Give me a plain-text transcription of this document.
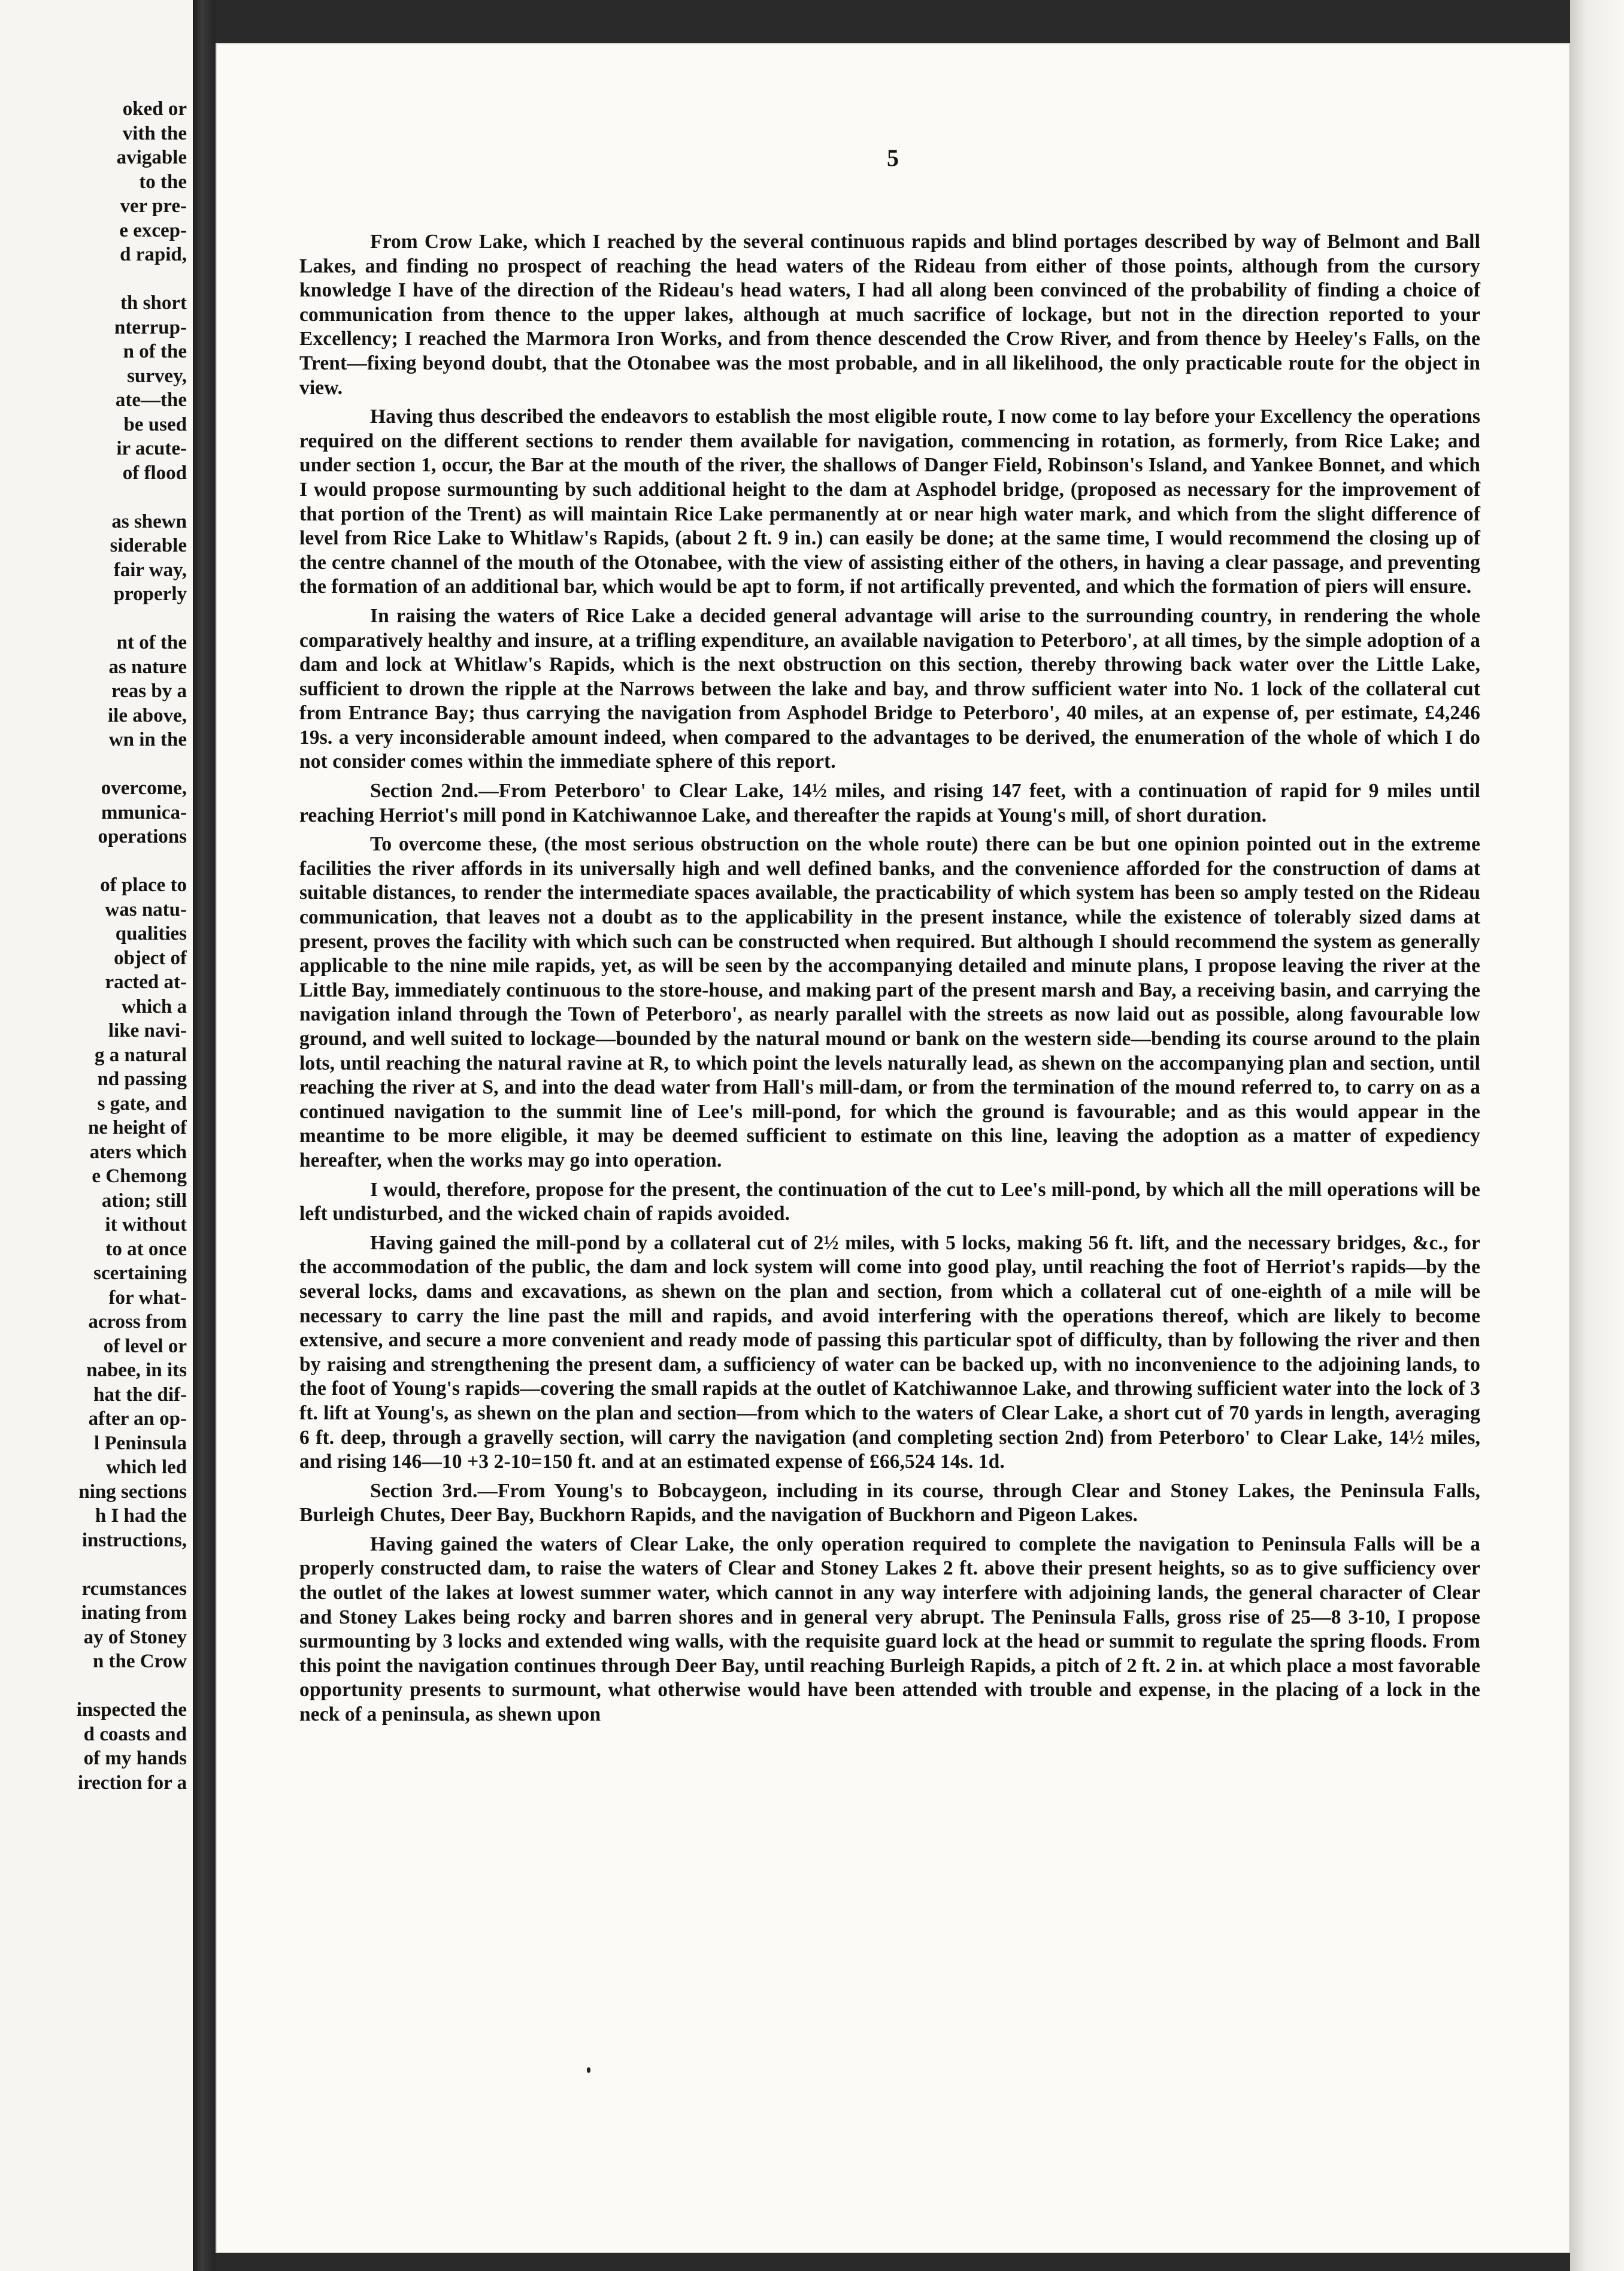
oked or
vith the
avigable
to the
ver pre-
e excep-
d rapid,
th short
nterrup-
n of the
survey,
ate—the
be used
ir acute-
of flood
as shewn
siderable
fair way,
properly
nt of the
as nature
reas by a
ile above,
wn in the
overcome,
mmunica-
operations
of place to
was natu-
qualities
object of
racted at-
which a
like navi-
g a natural
nd passing
s gate, and
ne height of
aters which
e Chemong
ation; still
it without
to at once
scertaining
for what-
across from
of level or
nabee, in its
hat the dif-
after an op-
l Peninsula
which led
ning sections
h I had the
instructions,
rcumstances
inating from
ay of Stoney
n the Crow
inspected the
d coasts and
of my hands
irection for a
5

From Crow Lake, which I reached by the several continuous rapids and blind portages described by way of Belmont and Ball Lakes, and finding no prospect of reaching the head waters of the Rideau from either of those points, although from the cursory knowledge I have of the direction of the Rideau's head waters, I had all along been convinced of the probability of finding a choice of communication from thence to the upper lakes, although at much sacrifice of lockage, but not in the direction reported to your Excellency; I reached the Marmora Iron Works, and from thence descended the Crow River, and from thence by Heeley's Falls, on the Trent—fixing beyond doubt, that the Otonabee was the most probable, and in all likelihood, the only practicable route for the object in view.

Having thus described the endeavors to establish the most eligible route, I now come to lay before your Excellency the operations required on the different sections to render them available for navigation, commencing in rotation, as formerly, from Rice Lake; and under section 1, occur, the Bar at the mouth of the river, the shallows of Danger Field, Robinson's Island, and Yankee Bonnet, and which I would propose surmounting by such additional height to the dam at Asphodel bridge, (proposed as necessary for the improvement of that portion of the Trent) as will maintain Rice Lake permanently at or near high water mark, and which from the slight difference of level from Rice Lake to Whitlaw's Rapids, (about 2 ft. 9 in.) can easily be done; at the same time, I would recommend the closing up of the centre channel of the mouth of the Otonabee, with the view of assisting either of the others, in having a clear passage, and preventing the formation of an additional bar, which would be apt to form, if not artifically prevented, and which the formation of piers will ensure.

In raising the waters of Rice Lake a decided general advantage will arise to the surrounding country, in rendering the whole comparatively healthy and insure, at a trifling expenditure, an available navigation to Peterboro', at all times, by the simple adoption of a dam and lock at Whitlaw's Rapids, which is the next obstruction on this section, thereby throwing back water over the Little Lake, sufficient to drown the ripple at the Narrows between the lake and bay, and throw sufficient water into No. 1 lock of the collateral cut from Entrance Bay; thus carrying the navigation from Asphodel Bridge to Peterboro', 40 miles, at an expense of, per estimate, £4,246 19s. a very inconsiderable amount indeed, when compared to the advantages to be derived, the enumeration of the whole of which I do not consider comes within the immediate sphere of this report.

Section 2nd.—From Peterboro' to Clear Lake, 14½ miles, and rising 147 feet, with a continuation of rapid for 9 miles until reaching Herriot's mill pond in Katchiwannoe Lake, and thereafter the rapids at Young's mill, of short duration.

To overcome these, (the most serious obstruction on the whole route) there can be but one opinion pointed out in the extreme facilities the river affords in its universally high and well defined banks, and the convenience afforded for the construction of dams at suitable distances, to render the intermediate spaces available, the practicability of which system has been so amply tested on the Rideau communication, that leaves not a doubt as to the applicability in the present instance, while the existence of tolerably sized dams at present, proves the facility with which such can be constructed when required. But although I should recommend the system as generally applicable to the nine mile rapids, yet, as will be seen by the accompanying detailed and minute plans, I propose leaving the river at the Little Bay, immediately continuous to the store-house, and making part of the present marsh and Bay, a receiving basin, and carrying the navigation inland through the Town of Peterboro', as nearly parallel with the streets as now laid out as possible, along favourable low ground, and well suited to lockage—bounded by the natural mound or bank on the western side—bending its course around to the plain lots, until reaching the natural ravine at R, to which point the levels naturally lead, as shewn on the accompanying plan and section, until reaching the river at S, and into the dead water from Hall's mill-dam, or from the termination of the mound referred to, to carry on as a continued navigation to the summit line of Lee's mill-pond, for which the ground is favourable; and as this would appear in the meantime to be more eligible, it may be deemed sufficient to estimate on this line, leaving the adoption as a matter of expediency hereafter, when the works may go into operation.

I would, therefore, propose for the present, the continuation of the cut to Lee's mill-pond, by which all the mill operations will be left undisturbed, and the wicked chain of rapids avoided.

Having gained the mill-pond by a collateral cut of 2½ miles, with 5 locks, making 56 ft. lift, and the necessary bridges, &c., for the accommodation of the public, the dam and lock system will come into good play, until reaching the foot of Herriot's rapids—by the several locks, dams and excavations, as shewn on the plan and section, from which a collateral cut of one-eighth of a mile will be necessary to carry the line past the mill and rapids, and avoid interfering with the operations thereof, which are likely to become extensive, and secure a more convenient and ready mode of passing this particular spot of difficulty, than by following the river and then by raising and strengthening the present dam, a sufficiency of water can be backed up, with no inconvenience to the adjoining lands, to the foot of Young's rapids—covering the small rapids at the outlet of Katchiwannoe Lake, and throwing sufficient water into the lock of 3 ft. lift at Young's, as shewn on the plan and section—from which to the waters of Clear Lake, a short cut of 70 yards in length, averaging 6 ft. deep, through a gravelly section, will carry the navigation (and completing section 2nd) from Peterboro' to Clear Lake, 14½ miles, and rising 146—10 +3 2-10=150 ft. and at an estimated expense of £66,524 14s. 1d.

Section 3rd.—From Young's to Bobcaygeon, including in its course, through Clear and Stoney Lakes, the Peninsula Falls, Burleigh Chutes, Deer Bay, Buckhorn Rapids, and the navigation of Buckhorn and Pigeon Lakes.

Having gained the waters of Clear Lake, the only operation required to complete the navigation to Peninsula Falls will be a properly constructed dam, to raise the waters of Clear and Stoney Lakes 2 ft. above their present heights, so as to give sufficiency over the outlet of the lakes at lowest summer water, which cannot in any way interfere with adjoining lands, the general character of Clear and Stoney Lakes being rocky and barren shores and in general very abrupt. The Peninsula Falls, gross rise of 25—8 3-10, I propose surmounting by 3 locks and extended wing walls, with the requisite guard lock at the head or summit to regulate the spring floods. From this point the navigation continues through Deer Bay, until reaching Burleigh Rapids, a pitch of 2 ft. 2 in. at which place a most favorable opportunity presents to surmount, what otherwise would have been attended with trouble and expense, in the placing of a lock in the neck of a peninsula, as shewn upon
